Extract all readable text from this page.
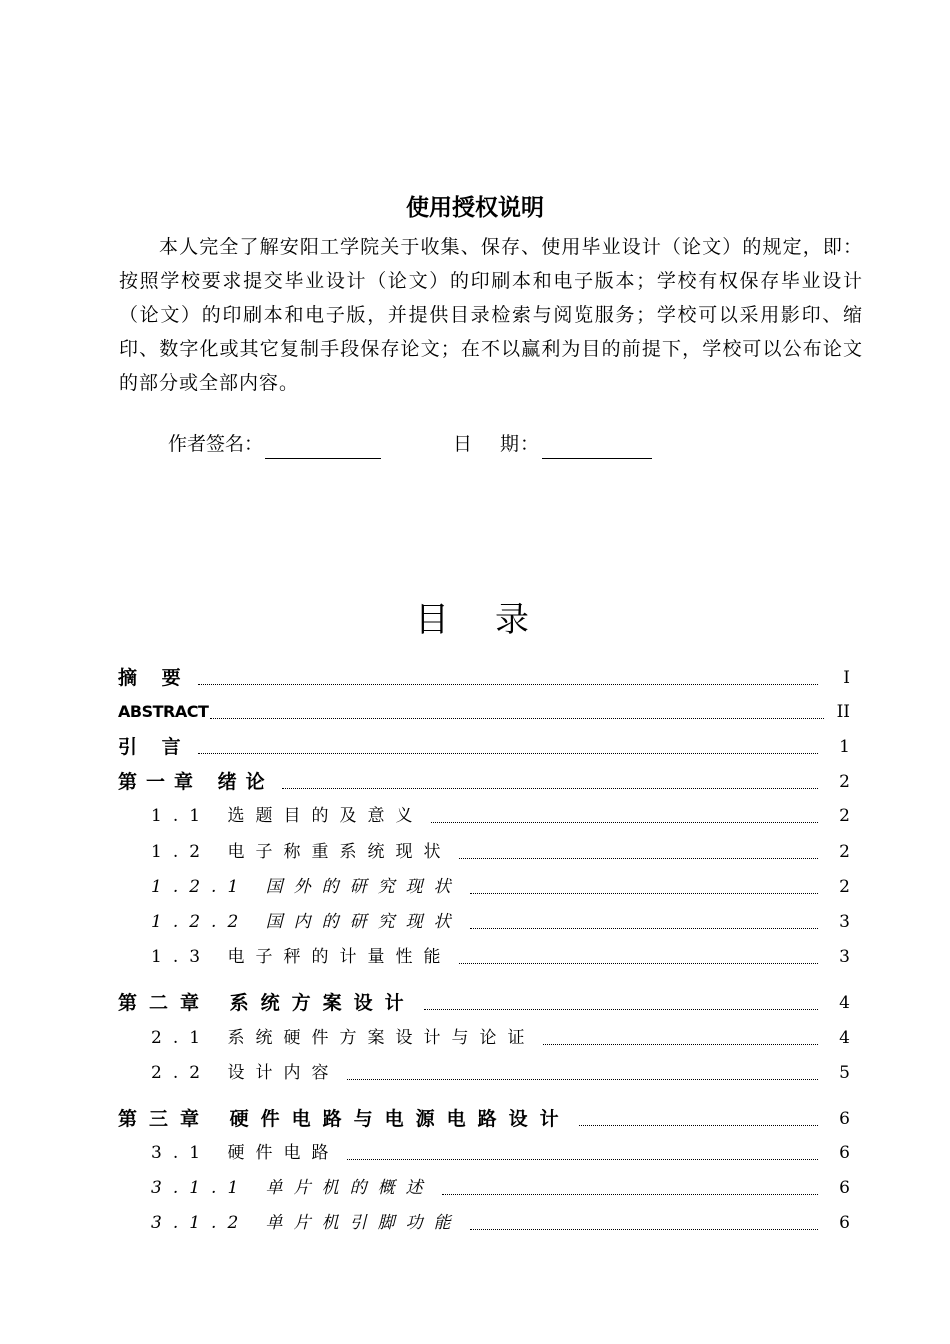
使用授权说明

本人完全了解安阳工学院关于收集、保存、使用毕业设计（论文）的规定，即：按照学校要求提交毕业设计（论文）的印刷本和电子版本；学校有权保存毕业设计（论文）的印刷本和电子版，并提供目录检索与阅览服务；学校可以采用影印、缩印、数字化或其它复制手段保存论文；在不以赢利为目的前提下，学校可以公布论文的部分或全部内容。

作者签名：	日　 期：
目录
摘 要	I
ABSTRACT	II
引 言	1
第一章 绪论	2
1.1 选题目的及意义	2
1.2 电子称重系统现状	2
1.2.1 国外的研究现状	2
1.2.2 国内的研究现状	3
1.3 电子秤的计量性能	3
第二章 系统方案设计	4
2.1 系统硬件方案设计与论证	4
2.2 设计内容	5
第三章 硬件电路与电源电路设计	6
3.1 硬件电路	6
3.1.1 单片机的概述	6
3.1.2 单片机引脚功能	6
